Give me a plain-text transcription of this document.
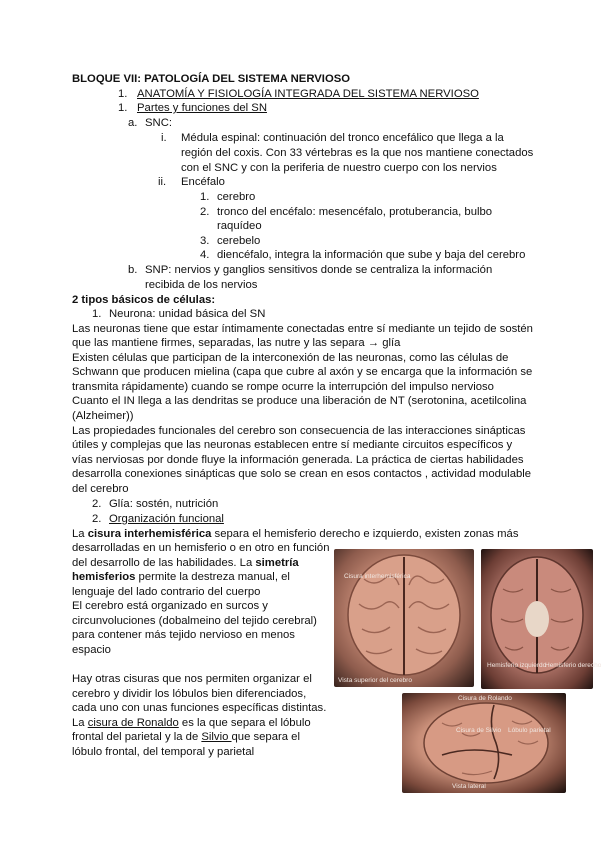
BLOQUE VII: PATOLOGÍA DEL SISTEMA NERVIOSO
1. ANATOMÍA Y FISIOLOGÍA INTEGRADA DEL SISTEMA NERVIOSO
1. Partes y funciones del SN
a. SNC:
i. Médula espinal: continuación del tronco encefálico que llega a la
región del coxis. Con 33 vértebras es la que nos mantiene conectados
con el SNC y con la periferia de nuestro cuerpo con los nervios
ii. Encéfalo
1. cerebro
2. tronco del encéfalo: mesencéfalo, protuberancia, bulbo
raquídeo
3. cerebelo
4. diencéfalo, integra la información que sube y baja del cerebro
b. SNP: nervios y ganglios sensitivos donde se centraliza la información
recibida de los nervios
2 tipos básicos de células:
1. Neurona: unidad básica del SN
Las neuronas tiene que estar íntimamente conectadas entre sí mediante un tejido de sostén
que las mantiene firmes, separadas, las nutre y las separa → glía
Existen células que participan de la interconexión de las neuronas, como las células de
Schwann que producen mielina (capa que cubre al axón y se encarga que la información se
transmita rápidamente) cuando se rompe ocurre la interrupción del impulso nervioso
Cuanto el IN llega a las dendritas se produce una liberación de NT (serotonina, acetilcolina
(Alzheimer))
Las propiedades funcionales del cerebro son consecuencia de las interacciones sinápticas
útiles y complejas que las neuronas establecen entre sí mediante circuitos específicos y
vías nerviosas por donde fluye la información generada. La práctica de ciertas habilidades
desarrolla conexiones sinápticas que solo se crean en esos contactos , actividad modulable
del cerebro
2. Glía: sostén, nutrición
2. Organización funcional
La cisura interhemisférica separa el hemisferio derecho e izquierdo, existen zonas más
desarrolladas en un hemisferio o en otro en función
del desarrollo de las habilidades. La simetría
hemisferios permite la destreza manual, el
lenguaje del lado contrario del cuerpo
El cerebro está organizado en surcos y
circunvoluciones (dobalmeino del tejido cerebral)
para contener más tejido nervioso en menos
espacio
Hay otras cisuras que nos permiten organizar el
cerebro y dividir los lóbulos bien diferenciados,
cada uno con unas funciones específicas distintas.
La cisura de Ronaldo es la que separa el lóbulo
frontal del parietal y la de Silvio que separa el
lóbulo frontal, del temporal y parietal
Cisura interhemisférica
Vista superior del cerebro
Hemisferio izquierdo
Hemisferio derecho
Cisura de Rolando
Lóbulo parietal
Cisura de Silvio
Vista lateral
